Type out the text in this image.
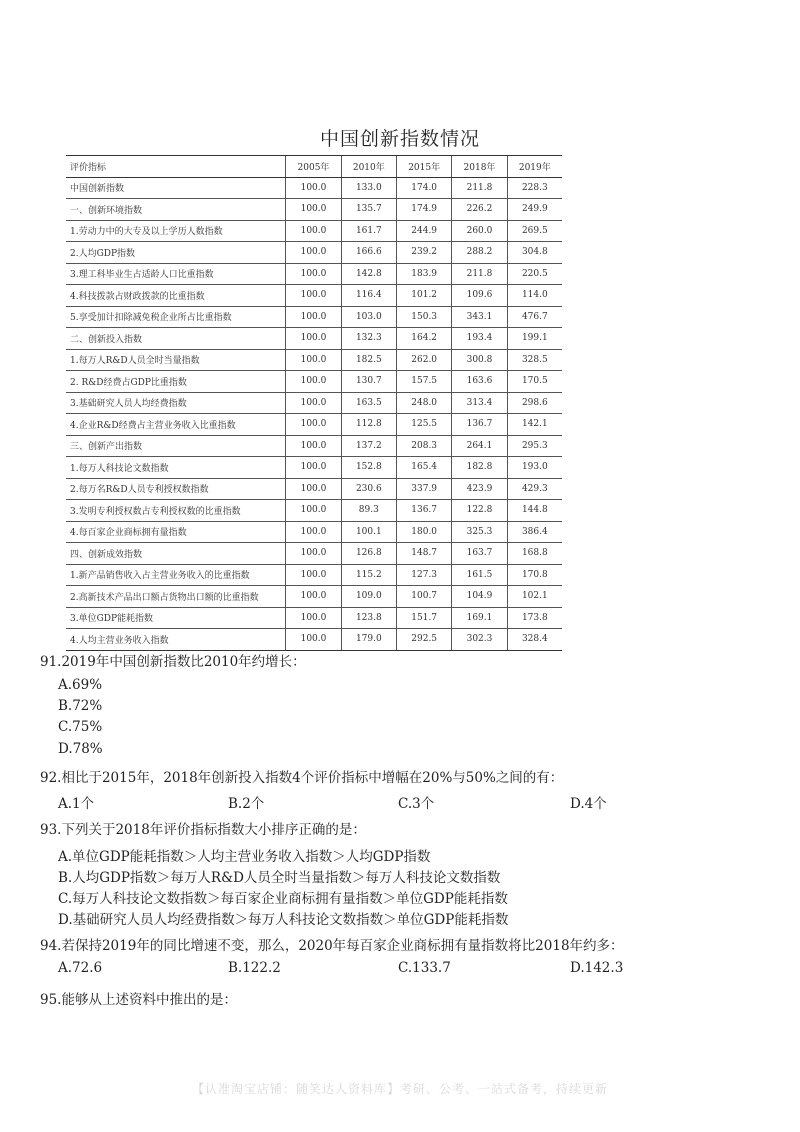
中国创新指数情况
评价指标	2005年	2010年	2015年	2018年	2019年
中国创新指数	100.0	133.0	174.0	211.8	228.3
一、创新环境指数	100.0	135.7	174.9	226.2	249.9
1.劳动力中的大专及以上学历人数指数	100.0	161.7	244.9	260.0	269.5
2.人均GDP指数	100.0	166.6	239.2	288.2	304.8
3.理工科毕业生占适龄人口比重指数	100.0	142.8	183.9	211.8	220.5
4.科技拨款占财政拨款的比重指数	100.0	116.4	101.2	109.6	114.0
5.享受加计扣除减免税企业所占比重指数	100.0	103.0	150.3	343.1	476.7
二、创新投入指数	100.0	132.3	164.2	193.4	199.1
1.每万人R&D人员全时当量指数	100.0	182.5	262.0	300.8	328.5
2. R&D经费占GDP比重指数	100.0	130.7	157.5	163.6	170.5
3.基础研究人员人均经费指数	100.0	163.5	248.0	313.4	298.6
4.企业R&D经费占主营业务收入比重指数	100.0	112.8	125.5	136.7	142.1
三、创新产出指数	100.0	137.2	208.3	264.1	295.3
1.每万人科技论文数指数	100.0	152.8	165.4	182.8	193.0
2.每万名R&D人员专利授权数指数	100.0	230.6	337.9	423.9	429.3
3.发明专利授权数占专利授权数的比重指数	100.0	89.3	136.7	122.8	144.8
4.每百家企业商标拥有量指数	100.0	100.1	180.0	325.3	386.4
四、创新成效指数	100.0	126.8	148.7	163.7	168.8
1.新产品销售收入占主营业务收入的比重指数	100.0	115.2	127.3	161.5	170.8
2.高新技术产品出口额占货物出口额的比重指数	100.0	109.0	100.7	104.9	102.1
3.单位GDP能耗指数	100.0	123.8	151.7	169.1	173.8
4.人均主营业务收入指数	100.0	179.0	292.5	302.3	328.4
91.2019年中国创新指数比2010年约增长：
A.69%
B.72%
C.75%
D.78%
92.相比于2015年，2018年创新投入指数4个评价指标中增幅在20%与50%之间的有：
A.1个	B.2个	C.3个	D.4个
93.下列关于2018年评价指标指数大小排序正确的是：
A.单位GDP能耗指数＞人均主营业务收入指数＞人均GDP指数
B.人均GDP指数＞每万人R&D人员全时当量指数＞每万人科技论文数指数
C.每万人科技论文数指数＞每百家企业商标拥有量指数＞单位GDP能耗指数
D.基础研究人员人均经费指数＞每万人科技论文数指数＞单位GDP能耗指数
94.若保持2019年的同比增速不变，那么，2020年每百家企业商标拥有量指数将比2018年约多：
A.72.6	B.122.2	C.133.7	D.142.3
95.能够从上述资料中推出的是：
【认准淘宝店铺：随笑达人资料库】考研、公考、一站式备考，持续更新
